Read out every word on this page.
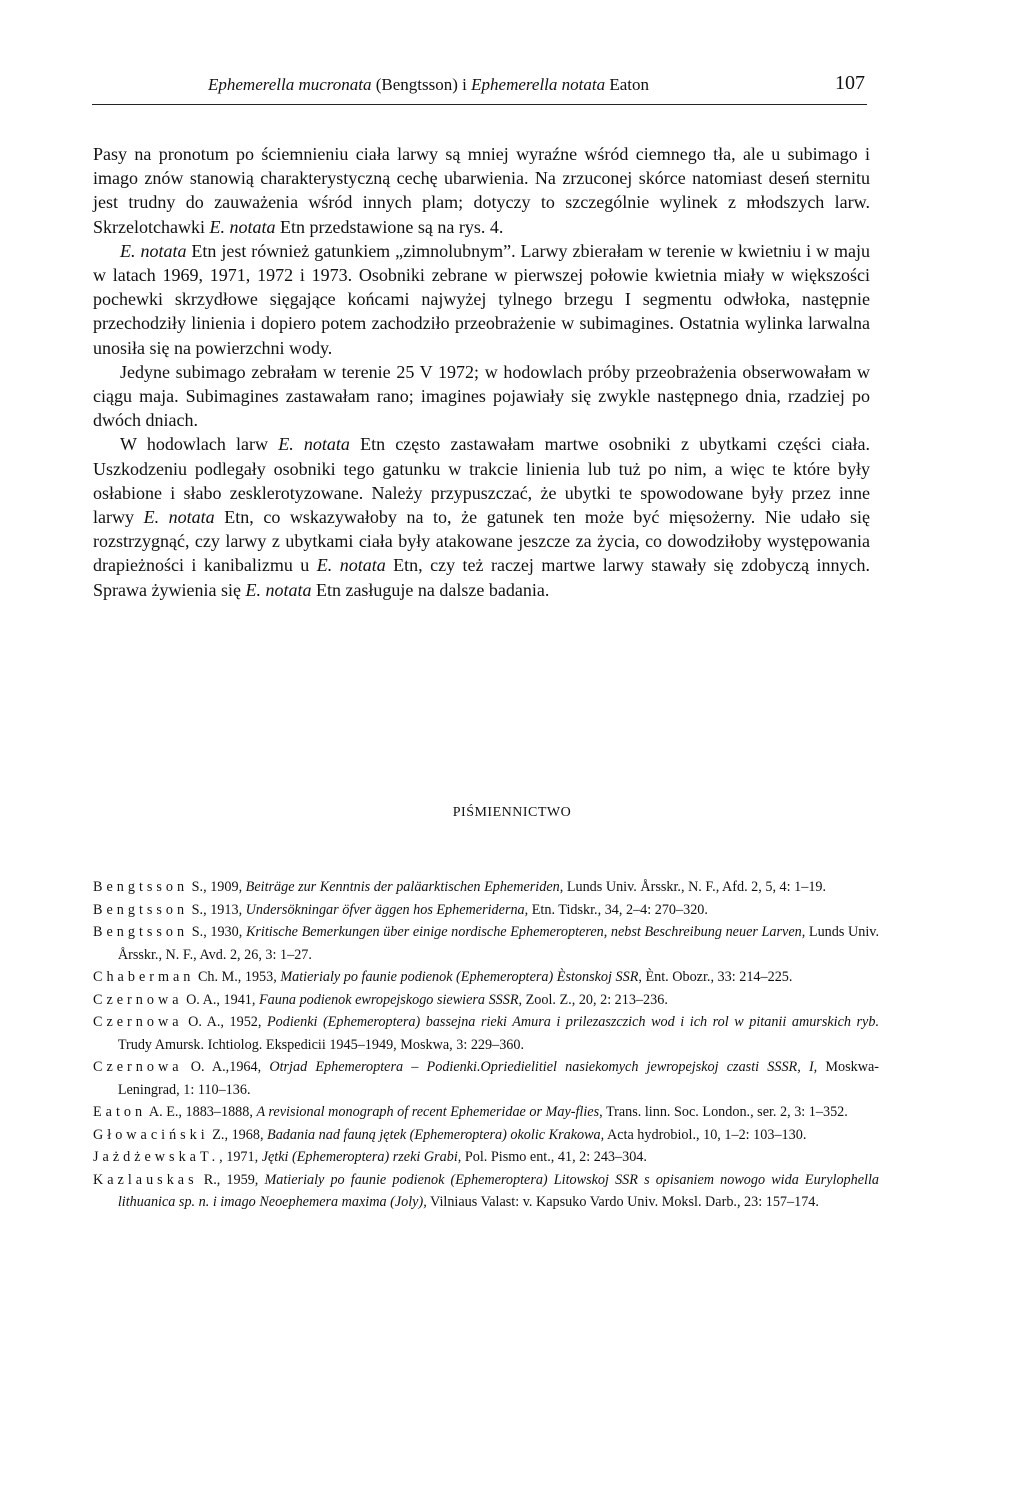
Ephemerella mucronata (Bengtsson) i Ephemerella notata Eaton	107

Pasy na pronotum po ściemnieniu ciała larwy są mniej wyraźne wśród ciemnego tła, ale u subimago i imago znów stanowią charakterystyczną cechę ubarwienia. Na zrzuconej skórce natomiast deseń sternitu jest trudny do zauważenia wśród innych plam; dotyczy to szczególnie wylinek z młodszych larw. Skrzelotchawki E. notata Etn przedstawione są na rys. 4.

E. notata Etn jest również gatunkiem „zimnolubnym”. Larwy zbierałam w terenie w kwietniu i w maju w latach 1969, 1971, 1972 i 1973. Osobniki zebrane w pierwszej połowie kwietnia miały w większości pochewki skrzydłowe sięgające końcami najwyżej tylnego brzegu I segmentu odwłoka, następnie przechodziły linienia i dopiero potem zachodziło przeobrażenie w subimagines. Ostatnia wylinka larwalna unosiła się na powierzchni wody.

Jedyne subimago zebrałam w terenie 25 V 1972; w hodowlach próby przeobrażenia obserwowałam w ciągu maja. Subimagines zastawałam rano; imagines pojawiały się zwykle następnego dnia, rzadziej po dwóch dniach.

W hodowlach larw E. notata Etn często zastawałam martwe osobniki z ubytkami części ciała. Uszkodzeniu podlegały osobniki tego gatunku w trakcie linienia lub tuż po nim, a więc te które były osłabione i słabo zesklerotyzowane. Należy przypuszczać, że ubytki te spowodowane były przez inne larwy E. notata Etn, co wskazywałoby na to, że gatunek ten może być mięsożerny. Nie udało się rozstrzygnąć, czy larwy z ubytkami ciała były atakowane jeszcze za życia, co dowodziłoby występowania drapieżności i kanibalizmu u E. notata Etn, czy też raczej martwe larwy stawały się zdobyczą innych. Sprawa żywienia się E. notata Etn zasługuje na dalsze badania.

PIŚMIENNICTWO

Bengtsson S., 1909, Beiträge zur Kenntnis der paläarktischen Ephemeriden, Lunds Univ. Årsskr., N. F., Afd. 2, 5, 4: 1–19.

Bengtsson S., 1913, Undersökningar öfver äggen hos Ephemeriderna, Etn. Tidskr., 34, 2–4: 270–320.

Bengtsson S., 1930, Kritische Bemerkungen über einige nordische Ephemeropteren, nebst Beschreibung neuer Larven, Lunds Univ. Årsskr., N. F., Avd. 2, 26, 3: 1–27.

Chaberman Ch. M., 1953, Matierialy po faunie podienok (Ephemeroptera) Èstonskoj SSR, Ènt. Obozr., 33: 214–225.

Czernowa O. A., 1941, Fauna podienok ewropejskogo siewiera SSSR, Zool. Z., 20, 2: 213–236.

Czernowa O. A., 1952, Podienki (Ephemeroptera) bassejna rieki Amura i prilezaszczich wod i ich rol w pitanii amurskich ryb. Trudy Amursk. Ichtiolog. Ekspedicii 1945–1949, Moskwa, 3: 229–360.

Czernowa O. A.,1964, Otrjad Ephemeroptera – Podienki.Opriedielitiel nasiekomych jewropejskoj czasti SSSR, I, Moskwa-Leningrad, 1: 110–136.

Eaton A. E., 1883–1888, A revisional monograph of recent Ephemeridae or May-flies, Trans. linn. Soc. London., ser. 2, 3: 1–352.

Głowaciński Z., 1968, Badania nad fauną jętek (Ephemeroptera) okolic Krakowa, Acta hydrobiol., 10, 1–2: 103–130.

JażdżewskaT., 1971, Jętki (Ephemeroptera) rzeki Grabi, Pol. Pismo ent., 41, 2: 243–304.

Kazlauskas R., 1959, Matierialy po faunie podienok (Ephemeroptera) Litowskoj SSR s opisaniem nowogo wida Eurylophella lithuanica sp. n. i imago Neoephemera maxima (Joly), Vilniaus Valast: v. Kapsuko Vardo Univ. Moksl. Darb., 23: 157–174.
